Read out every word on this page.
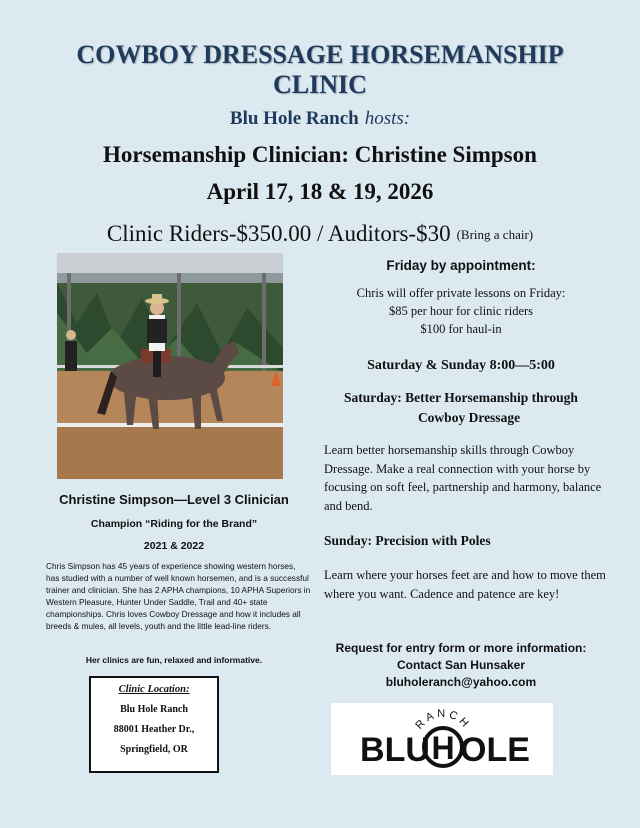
COWBOY DRESSAGE HORSEMANSHIP
CLINIC
Blu Hole Ranch hosts:
Horsemanship Clinician: Christine Simpson
April 17, 18 & 19, 2026
Clinic Riders-$350.00 / Auditors-$30 (Bring a chair)
Christine Simpson—Level 3 Clinician
Champion “Riding for the Brand”
2021 & 2022
Chris Simpson has 45 years of experience showing western horses, has studied with a number of well known horsemen, and is a successful trainer and clinician. She has 2 APHA champions, 10 APHA Superiors in Western Pleasure, Hunter Under Saddle, Trail and 40+ state championships. Chris loves Cowboy Dressage and how it includes all breeds & mules, all levels, youth and the little lead-line riders.
Her clinics are fun, relaxed and informative.
Clinic Location:
Blu Hole Ranch
88001 Heather Dr.,
Springfield, OR
Friday by appointment:
Chris will offer private lessons on Friday:
$85 per hour for clinic riders
$100 for haul-in
Saturday & Sunday 8:00—5:00
Saturday: Better Horsemanship through
Cowboy Dressage
Learn better horsemanship skills through Cowboy Dressage. Make a real connection with your horse by focusing on soft feel, partnership and harmony, balance and bend.
Sunday: Precision with Poles
Learn where your horses feet are and how to move them where you want. Cadence and patence are key!
Request for entry form or more information:
Contact San Hunsaker
bluholeranch@yahoo.com
RANCH
BLU H OLE
